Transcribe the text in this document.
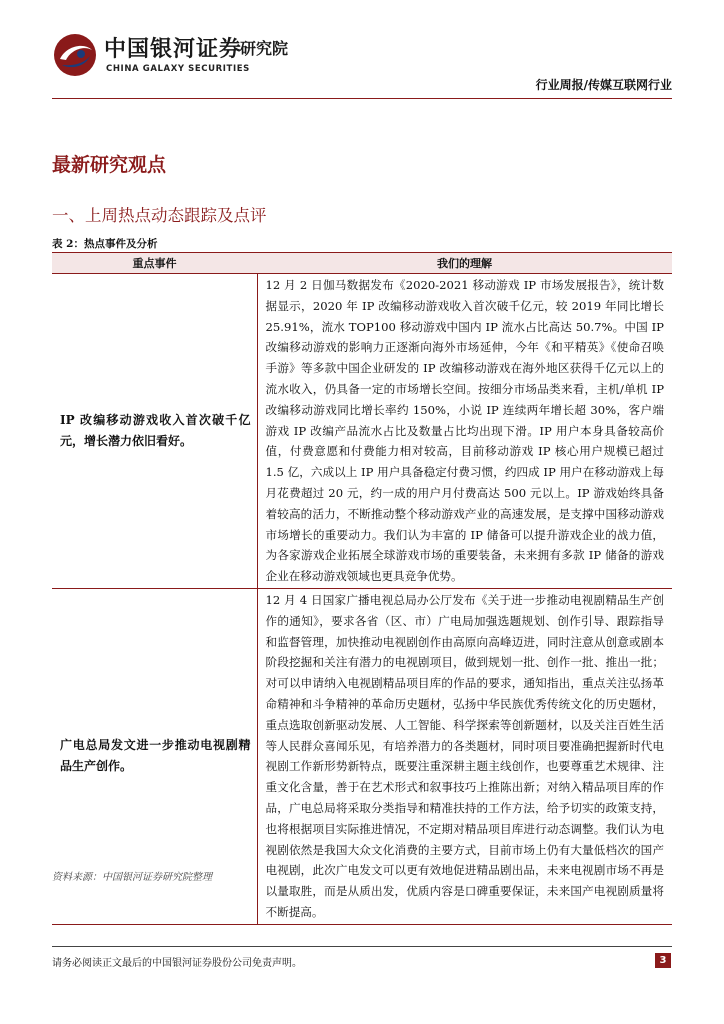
中国银河证券
研究院
CHINA GALAXY SECURITIES
行业周报/传媒互联网行业
最新研究观点
一、上周热点动态跟踪及点评
表 2：热点事件及分析
重点事件	我们的理解
IP 改编移动游戏收入首次破千亿元，增长潜力依旧看好。	12 月 2 日伽马数据发布《2020-2021 移动游戏 IP 市场发展报告》，统计数据显示，2020 年 IP 改编移动游戏收入首次破千亿元，较 2019 年同比增长 25.91%，流水 TOP100 移动游戏中国内 IP 流水占比高达 50.7%。中国 IP 改编移动游戏的影响力正逐渐向海外市场延伸，今年《和平精英》《使命召唤手游》等多款中国企业研发的 IP 改编移动游戏在海外地区获得千亿元以上的流水收入，仍具备一定的市场增长空间。按细分市场品类来看，主机/单机 IP 改编移动游戏同比增长率约 150%，小说 IP 连续两年增长超 30%，客户端游戏 IP 改编产品流水占比及数量占比均出现下滑。IP 用户本身具备较高价值，付费意愿和付费能力相对较高，目前移动游戏 IP 核心用户规模已超过 1.5 亿，六成以上 IP 用户具备稳定付费习惯，约四成 IP 用户在移动游戏上每月花费超过 20 元，约一成的用户月付费高达 500 元以上。IP 游戏始终具备着较高的活力，不断推动整个移动游戏产业的高速发展，是支撑中国移动游戏市场增长的重要动力。我们认为丰富的 IP 储备可以提升游戏企业的战力值，为各家游戏企业拓展全球游戏市场的重要装备，未来拥有多款 IP 储备的游戏企业在移动游戏领域也更具竞争优势。
广电总局发文进一步推动电视剧精品生产创作。	12 月 4 日国家广播电视总局办公厅发布《关于进一步推动电视剧精品生产创作的通知》，要求各省（区、市）广电局加强选题规划、创作引导、跟踪指导和监督管理，加快推动电视剧创作由高原向高峰迈进，同时注意从创意或剧本阶段挖掘和关注有潜力的电视剧项目，做到规划一批、创作一批、推出一批；对可以申请纳入电视剧精品项目库的作品的要求，通知指出，重点关注弘扬革命精神和斗争精神的革命历史题材，弘扬中华民族优秀传统文化的历史题材，重点选取创新驱动发展、人工智能、科学探索等创新题材，以及关注百姓生活等人民群众喜闻乐见，有培养潜力的各类题材，同时项目要准确把握新时代电视剧工作新形势新特点，既要注重深耕主题主线创作，也要尊重艺术规律、注重文化含量，善于在艺术形式和叙事技巧上推陈出新；对纳入精品项目库的作品，广电总局将采取分类指导和精准扶持的工作方法，给予切实的政策支持，也将根据项目实际推进情况，不定期对精品项目库进行动态调整。我们认为电视剧依然是我国大众文化消费的主要方式，目前市场上仍有大量低档次的国产电视剧，此次广电发文可以更有效地促进精品剧出品，未来电视剧市场不再是以量取胜，而是从质出发，优质内容是口碑重要保证，未来国产电视剧质量将不断提高。
资料来源：中国银河证券研究院整理
请务必阅读正文最后的中国银河证券股份公司免责声明。	3
